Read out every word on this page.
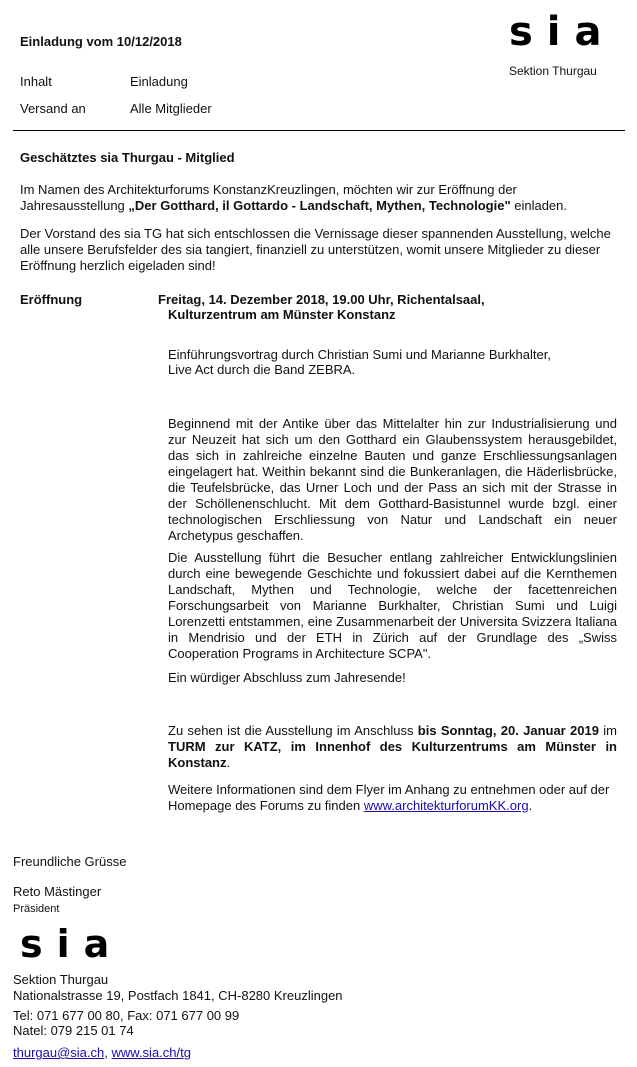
Einladung vom 10/12/2018	sia
Sektion Thurgau
Inhalt	Einladung
Versand an	Alle Mitglieder
Geschätztes sia Thurgau - Mitglied
Im Namen des Architekturforums KonstanzKreuzlingen, möchten wir zur Eröffnung der Jahresausstellung „Der Gotthard, il Gottardo - Landschaft, Mythen, Technologie" einladen.
Der Vorstand des sia TG hat sich entschlossen die Vernissage dieser spannenden Ausstellung, welche alle unsere Berufsfelder des sia tangiert, finanziell zu unterstützen, womit unsere Mitglieder zu dieser Eröffnung herzlich eigeladen sind!
Eröffnung	Freitag, 14. Dezember 2018, 19.00 Uhr, Richentalsaal,
Kulturzentrum am Münster Konstanz
Einführungsvortrag durch Christian Sumi und Marianne Burkhalter,
Live Act durch die Band ZEBRA.
Beginnend mit der Antike über das Mittelalter hin zur Industrialisierung und zur Neuzeit hat sich um den Gotthard ein Glaubenssystem herausgebildet, das sich in zahlreiche einzelne Bauten und ganze Erschliessungsanlagen eingelagert hat. Weithin bekannt sind die Bunkeranlagen, die Häderlisbrücke, die Teufelsbrücke, das Urner Loch und der Pass an sich mit der Strasse in der Schöllenenschlucht. Mit dem Gotthard-Basistunnel wurde bzgl. einer technologischen Erschliessung von Natur und Landschaft ein neuer Archetypus geschaffen.
Die Ausstellung führt die Besucher entlang zahlreicher Entwicklungslinien durch eine bewegende Geschichte und fokussiert dabei auf die Kernthemen Landschaft, Mythen und Technologie, welche der facettenreichen Forschungsarbeit von Marianne Burkhalter, Christian Sumi und Luigi Lorenzetti entstammen, eine Zusammenarbeit der Universita Svizzera Italiana in Mendrisio und der ETH in Zürich auf der Grundlage des „Swiss Cooperation Programs in Architecture SCPA".
Ein würdiger Abschluss zum Jahresende!
Zu sehen ist die Ausstellung im Anschluss bis Sonntag, 20. Januar 2019 im TURM zur KATZ, im Innenhof des Kulturzentrums am Münster in Konstanz.
Weitere Informationen sind dem Flyer im Anhang zu entnehmen oder auf der Homepage des Forums zu finden www.architekturforumKK.org.
Freundliche Grüsse
Reto Mästinger
Präsident
sia
Sektion Thurgau
Nationalstrasse 19, Postfach 1841, CH-8280 Kreuzlingen
Tel: 071 677 00 80, Fax: 071 677 00 99
Natel: 079 215 01 74
thurgau@sia.ch, www.sia.ch/tg
